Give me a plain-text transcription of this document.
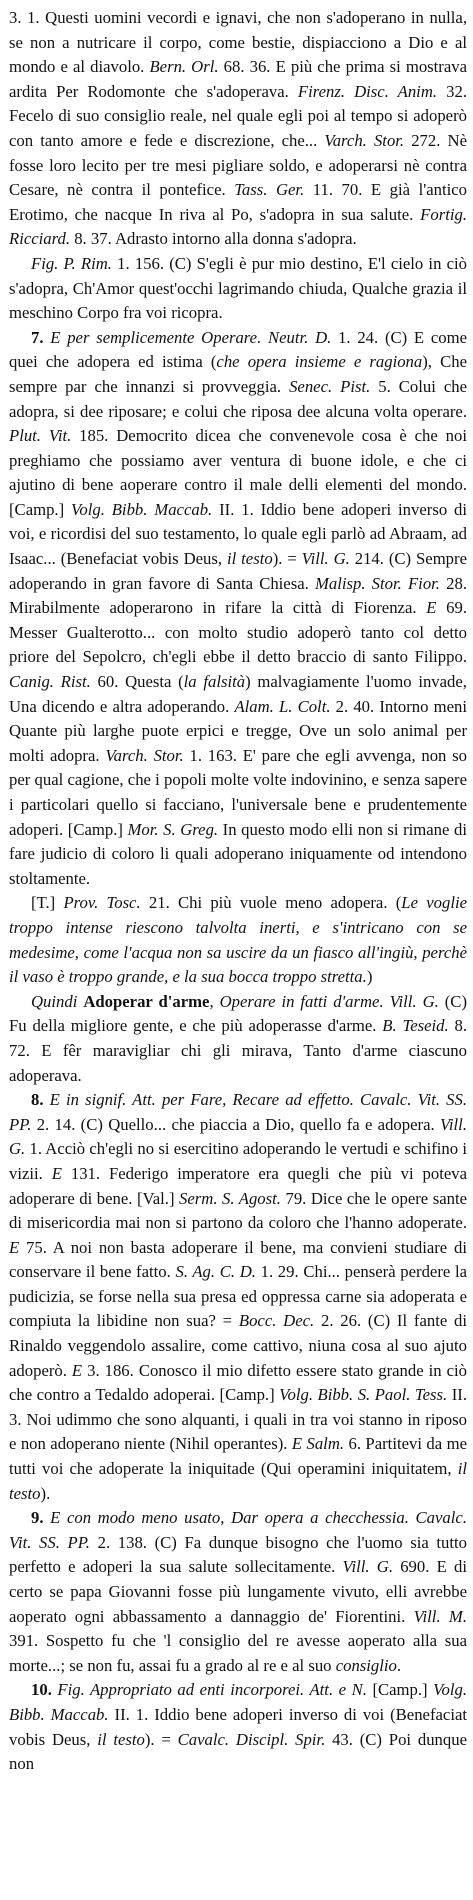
3. 1. Questi uomini vecordi e ignavi, che non s'adoperano in nulla, se non a nutricare il corpo, come bestie, dispiacciono a Dio e al mondo e al diavolo. Bern. Orl. 68. 36. E più che prima si mostrava ardita Per Rodomonte che s'adoperava. Firenz. Disc. Anim. 32. Fecelo di suo consiglio reale, nel quale egli poi al tempo si adoperò con tanto amore e fede e discrezione, che... Varch. Stor. 272. Nè fosse loro lecito per tre mesi pigliare soldo, e adoperarsi nè contra Cesare, nè contra il pontefice. Tass. Ger. 11. 70. E già l'antico Erotimo, che nacque In riva al Po, s'adopra in sua salute. Fortig. Ricciard. 8. 37. Adrasto intorno alla donna s'adopra.

Fig. P. Rim. 1. 156. (C) S'egli è pur mio destino, E'l cielo in ciò s'adopra, Ch'Amor quest'occhi lagrimando chiuda, Qualche grazia il meschino Corpo fra voi ricopra.

7. E per semplicemente Operare. Neutr. D. 1. 24. (C) E come quei che adopera ed istima (che opera insieme e ragiona), Che sempre par che innanzi si provveggia. Senec. Pist. 5. Colui che adopra, si dee riposare; e colui che riposa dee alcuna volta operare. Plut. Vit. 185. Democrito dicea che convenevole cosa è che noi preghiamo che possiamo aver ventura di buone idole, e che ci ajutino di bene aoperare contro il male delli elementi del mondo. [Camp.] Volg. Bibb. Maccab. II. 1. Iddio bene adoperi inverso di voi, e ricordisi del suo testamento, lo quale egli parlò ad Abraam, ad Isaac... (Benefaciat vobis Deus, il testo). = Vill. G. 214. (C) Sempre adoperando in gran favore di Santa Chiesa. Malisp. Stor. Fior. 28. Mirabilmente adoperarono in rifare la città di Fiorenza. E 69. Messer Gualterotto... con molto studio adoperò tanto col detto priore del Sepolcro, ch'egli ebbe il detto braccio di santo Filippo. Canig. Rist. 60. Questa (la falsità) malvagiamente l'uomo invade, Una dicendo e altra adoperando. Alam. L. Colt. 2. 40. Intorno meni Quante più larghe puote erpici e tregge, Ove un solo animal per molti adopra. Varch. Stor. 1. 163. E' pare che egli avvenga, non so per qual cagione, che i popoli molte volte indovinino, e senza sapere i particolari quello si facciano, l'universale bene e prudentemente adoperi. [Camp.] Mor. S. Greg. In questo modo elli non si rimane di fare judicio di coloro li quali adoperano iniquamente od intendono stoltamente.

[T.] Prov. Tosc. 21. Chi più vuole meno adopera. (Le voglie troppo intense riescono talvolta inerti, e s'intricano con se medesime, come l'acqua non sa uscire da un fiasco all'ingiù, perchè il vaso è troppo grande, e la sua bocca troppo stretta.)

Quindi Adoperar d'arme, Operare in fatti d'arme. Vill. G. (C) Fu della migliore gente, e che più adoperasse d'arme. B. Teseid. 8. 72. E fêr maravigliar chi gli mirava, Tanto d'arme ciascuno adoperava.

8. E in signif. Att. per Fare, Recare ad effetto. Cavalc. Vit. SS. PP. 2. 14. (C) Quello... che piaccia a Dio, quello fa e adopera. Vill. G. 1. Acciò ch'egli no si esercitino adoperando le vertudi e schifino i vizii. E 131. Federigo imperatore era quegli che più vi poteva adoperare di bene. [Val.] Serm. S. Agost. 79. Dice che le opere sante di misericordia mai non si partono da coloro che l'hanno adoperate. E 75. A noi non basta adoperare il bene, ma convieni studiare di conservare il bene fatto. S. Ag. C. D. 1. 29. Chi... penserà perdere la pudicizia, se forse nella sua presa ed oppressa carne sia adoperata e compiuta la libidine non sua? = Bocc. Dec. 2. 26. (C) Il fante di Rinaldo veggendolo assalire, come cattivo, niuna cosa al suo ajuto adoperò. E 3. 186. Conosco il mio difetto essere stato grande in ciò che contro a Tedaldo adoperai. [Camp.] Volg. Bibb. S. Paol. Tess. II. 3. Noi udimmo che sono alquanti, i quali in tra voi stanno in riposo e non adoperano niente (Nihil operantes). E Salm. 6. Partitevi da me tutti voi che adoperate la iniquitade (Qui operamini iniquitatem, il testo).

9. E con modo meno usato, Dar opera a checchessia. Cavalc. Vit. SS. PP. 2. 138. (C) Fa dunque bisogno che l'uomo sia tutto perfetto e adoperi la sua salute sollecitamente. Vill. G. 690. E di certo se papa Giovanni fosse più lungamente vivuto, elli avrebbe aoperato ogni abbassamento a dannaggio de' Fiorentini. Vill. M. 391. Sospetto fu che 'l consiglio del re avesse aoperato alla sua morte...; se non fu, assai fu a grado al re e al suo consiglio.

10. Fig. Appropriato ad enti incorporei. Att. e N. [Camp.] Volg. Bibb. Maccab. II. 1. Iddio bene adoperi inverso di voi (Benefaciat vobis Deus, il testo). = Cavalc. Discipl. Spir. 43. (C) Poi dunque non
